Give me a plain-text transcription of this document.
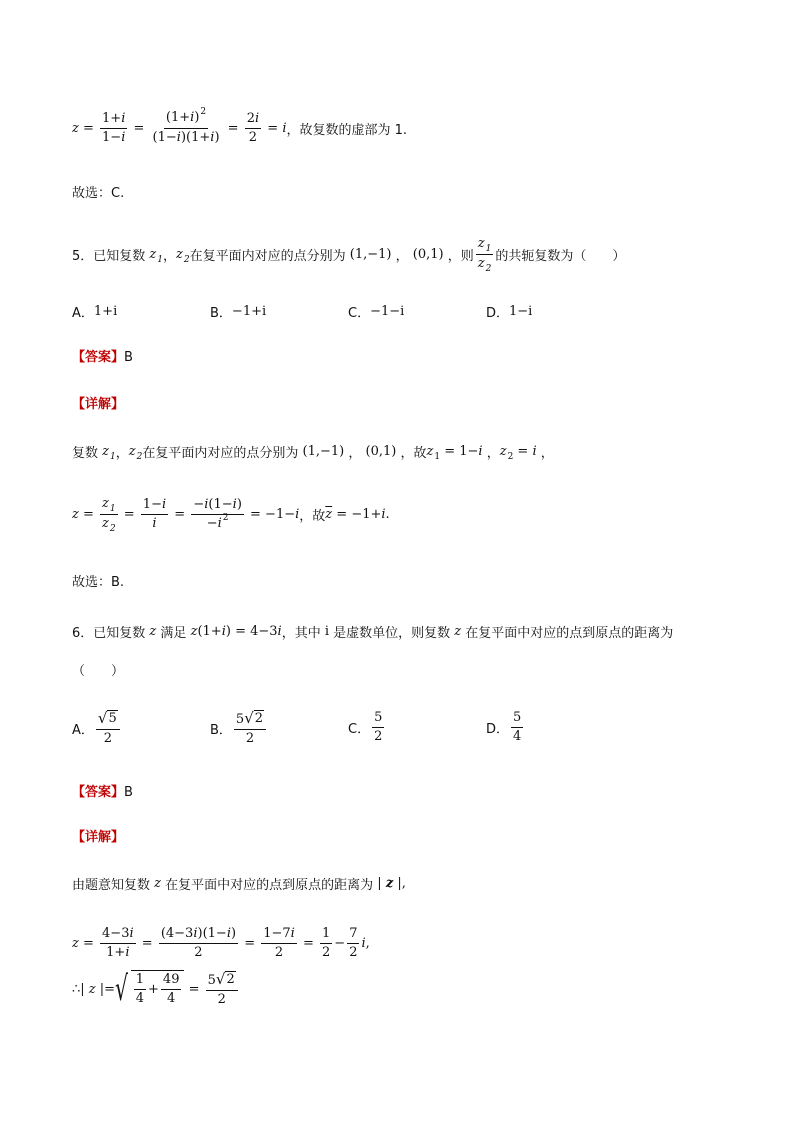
$z = \frac{1+i}{1-i} = \frac{(1+i)^2}{(1-i)(1+i)} = \frac{2i}{2} = i$ ，故复数的虚部为 1.
故选：C.
5． 已知复数 $z_1$ ， $z_2$ 在复平面内对应的点分别为 (1,−1) ， (0,1) ，则 $\frac{z_1}{z_2}$ 的共轭复数为（　　）
A． 1+i	B． −1+i	C． −1−i	D． 1−i
【答案】B
【详解】
复数 $z_1$ ， $z_2$ 在复平面内对应的点分别为 (1,−1) ， (0,1) ，故 $z_1 = 1-i$ ， $z_2 = i$ ，
$z = \frac{z_1}{z_2} = \frac{1-i}{i} = \frac{-i(1-i)}{-i^2} = -1-i$ ，故 $\overline{z} = -1+i$.
故选：B.
6． 已知复数 z 满足 z(1+i) = 4−3i ，其中 i 是虚数单位，则复数 z 在复平面中对应的点到原点的距离为
（　　）
A． $\frac{√ 5}{2}$	B． $\frac{5 √ 2}{2}$	C． $\frac{5}{2}$	D． $\frac{5}{4}$
【答案】B
【详解】
由题意知复数 z 在复平面中对应的点到原点的距离为 | z |,
$z = \frac{4-3i}{1+i} = \frac{(4-3i)(1-i)}{2} = \frac{1-7i}{2} = \frac{1}{2} - \frac{7}{2} i$,
∴| z |= √ $\frac{1}{4} + \frac{49}{4} = \frac{5 √ 2}{2}$
